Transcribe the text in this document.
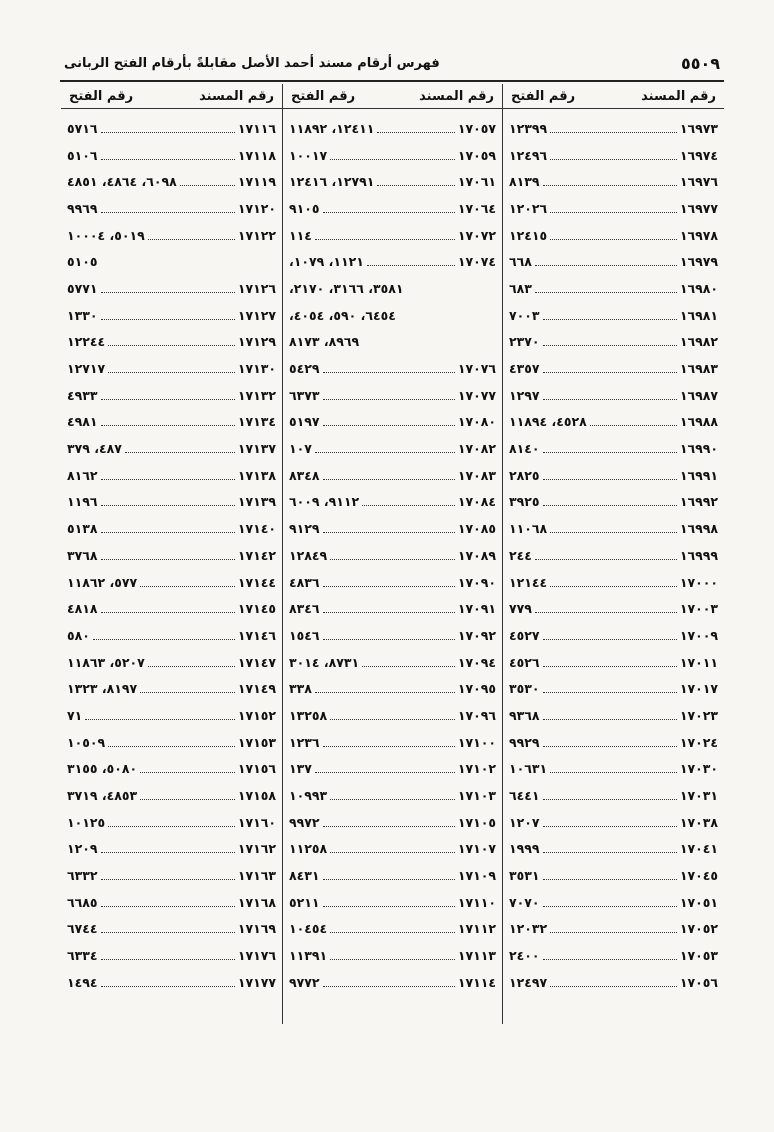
٥٥٠٩
فهرس أرقام مسند أحمد الأصل مقابلةً بأرقام الفتح الربانى
رقم المسند
رقم الفتح
١٦٩٧٣
١٢٣٩٩
١٦٩٧٤
١٢٤٩٦
١٦٩٧٦
٨١٣٩
١٦٩٧٧
١٢٠٢٦
١٦٩٧٨
١٢٤١٥
١٦٩٧٩
٦٦٨
١٦٩٨٠
٦٨٣
١٦٩٨١
٧٠٠٣
١٦٩٨٢
٢٣٧٠
١٦٩٨٣
٤٣٥٧
١٦٩٨٧
١٢٩٧
١٦٩٨٨
٤٥٢٨، ١١٨٩٤
١٦٩٩٠
٨١٤٠
١٦٩٩١
٢٨٢٥
١٦٩٩٢
٣٩٢٥
١٦٩٩٨
١١٠٦٨
١٦٩٩٩
٢٤٤
١٧٠٠٠
١٢١٤٤
١٧٠٠٣
٧٧٩
١٧٠٠٩
٤٥٢٧
١٧٠١١
٤٥٢٦
١٧٠١٧
٣٥٣٠
١٧٠٢٣
٩٣٦٨
١٧٠٢٤
٩٩٢٩
١٧٠٣٠
١٠٦٣١
١٧٠٣١
٦٤٤١
١٧٠٣٨
١٢٠٧
١٧٠٤١
١٩٩٩
١٧٠٤٥
٣٥٣١
١٧٠٥١
٧٠٧٠
١٧٠٥٢
١٢٠٣٢
١٧٠٥٣
٢٤٠٠
١٧٠٥٦
١٢٤٩٧
رقم المسند
رقم الفتح
١٧٠٥٧
١٢٤١١، ١١٨٩٢
١٧٠٥٩
١٠٠١٧
١٧٠٦١
١٢٧٩١، ١٢٤١٦
١٧٠٦٤
٩١٠٥
١٧٠٧٢
١١٤
١٧٠٧٤
١١٢١، ١٠٧٩،
٣٥٨١، ٣١٦٦، ٢١٧٠،
٦٤٥٤، ٥٩٠، ٤٠٥٤،
٨٩٦٩، ٨١٧٣
١٧٠٧٦
٥٤٢٩
١٧٠٧٧
٦٣٧٣
١٧٠٨٠
٥١٩٧
١٧٠٨٢
١٠٧
١٧٠٨٣
٨٣٤٨
١٧٠٨٤
٩١١٢، ٦٠٠٩
١٧٠٨٥
٩١٢٩
١٧٠٨٩
١٢٨٤٩
١٧٠٩٠
٤٨٣٦
١٧٠٩١
٨٣٤٦
١٧٠٩٢
١٥٤٦
١٧٠٩٤
٨٧٣١، ٣٠١٤
١٧٠٩٥
٣٣٨
١٧٠٩٦
١٣٢٥٨
١٧١٠٠
١٢٣٦
١٧١٠٢
١٣٧
١٧١٠٣
١٠٩٩٣
١٧١٠٥
٩٩٧٢
١٧١٠٧
١١٢٥٨
١٧١٠٩
٨٤٣١
١٧١١٠
٥٢١١
١٧١١٢
١٠٤٥٤
١٧١١٣
١١٣٩١
١٧١١٤
٩٧٧٢
رقم المسند
رقم الفتح
١٧١١٦
٥٧١٦
١٧١١٨
٥١٠٦
١٧١١٩
٦٠٩٨، ٤٨٦٤، ٤٨٥١
١٧١٢٠
٩٩٦٩
١٧١٢٢
٥٠١٩، ١٠٠٠٤
٥١٠٥
١٧١٢٦
٥٧٧١
١٧١٢٧
١٣٣٠
١٧١٢٩
١٢٢٤٤
١٧١٣٠
١٢٧١٧
١٧١٣٢
٤٩٣٣
١٧١٣٤
٤٩٨١
١٧١٣٧
٤٨٧، ٣٧٩
١٧١٣٨
٨١٦٢
١٧١٣٩
١١٩٦
١٧١٤٠
٥١٣٨
١٧١٤٢
٣٧٦٨
١٧١٤٤
٥٧٧، ١١٨٦٢
١٧١٤٥
٤٨١٨
١٧١٤٦
٥٨٠
١٧١٤٧
٥٢٠٧، ١١٨٦٣
١٧١٤٩
٨١٩٧، ١٣٢٣
١٧١٥٢
٧١
١٧١٥٣
١٠٥٠٩
١٧١٥٦
٥٠٨٠، ٣١٥٥
١٧١٥٨
٤٨٥٣، ٣٧١٩
١٧١٦٠
١٠١٢٥
١٧١٦٢
١٢٠٩
١٧١٦٣
٦٣٣٢
١٧١٦٨
٦٦٨٥
١٧١٦٩
٦٧٤٤
١٧١٧٦
٦٣٣٤
١٧١٧٧
١٤٩٤
